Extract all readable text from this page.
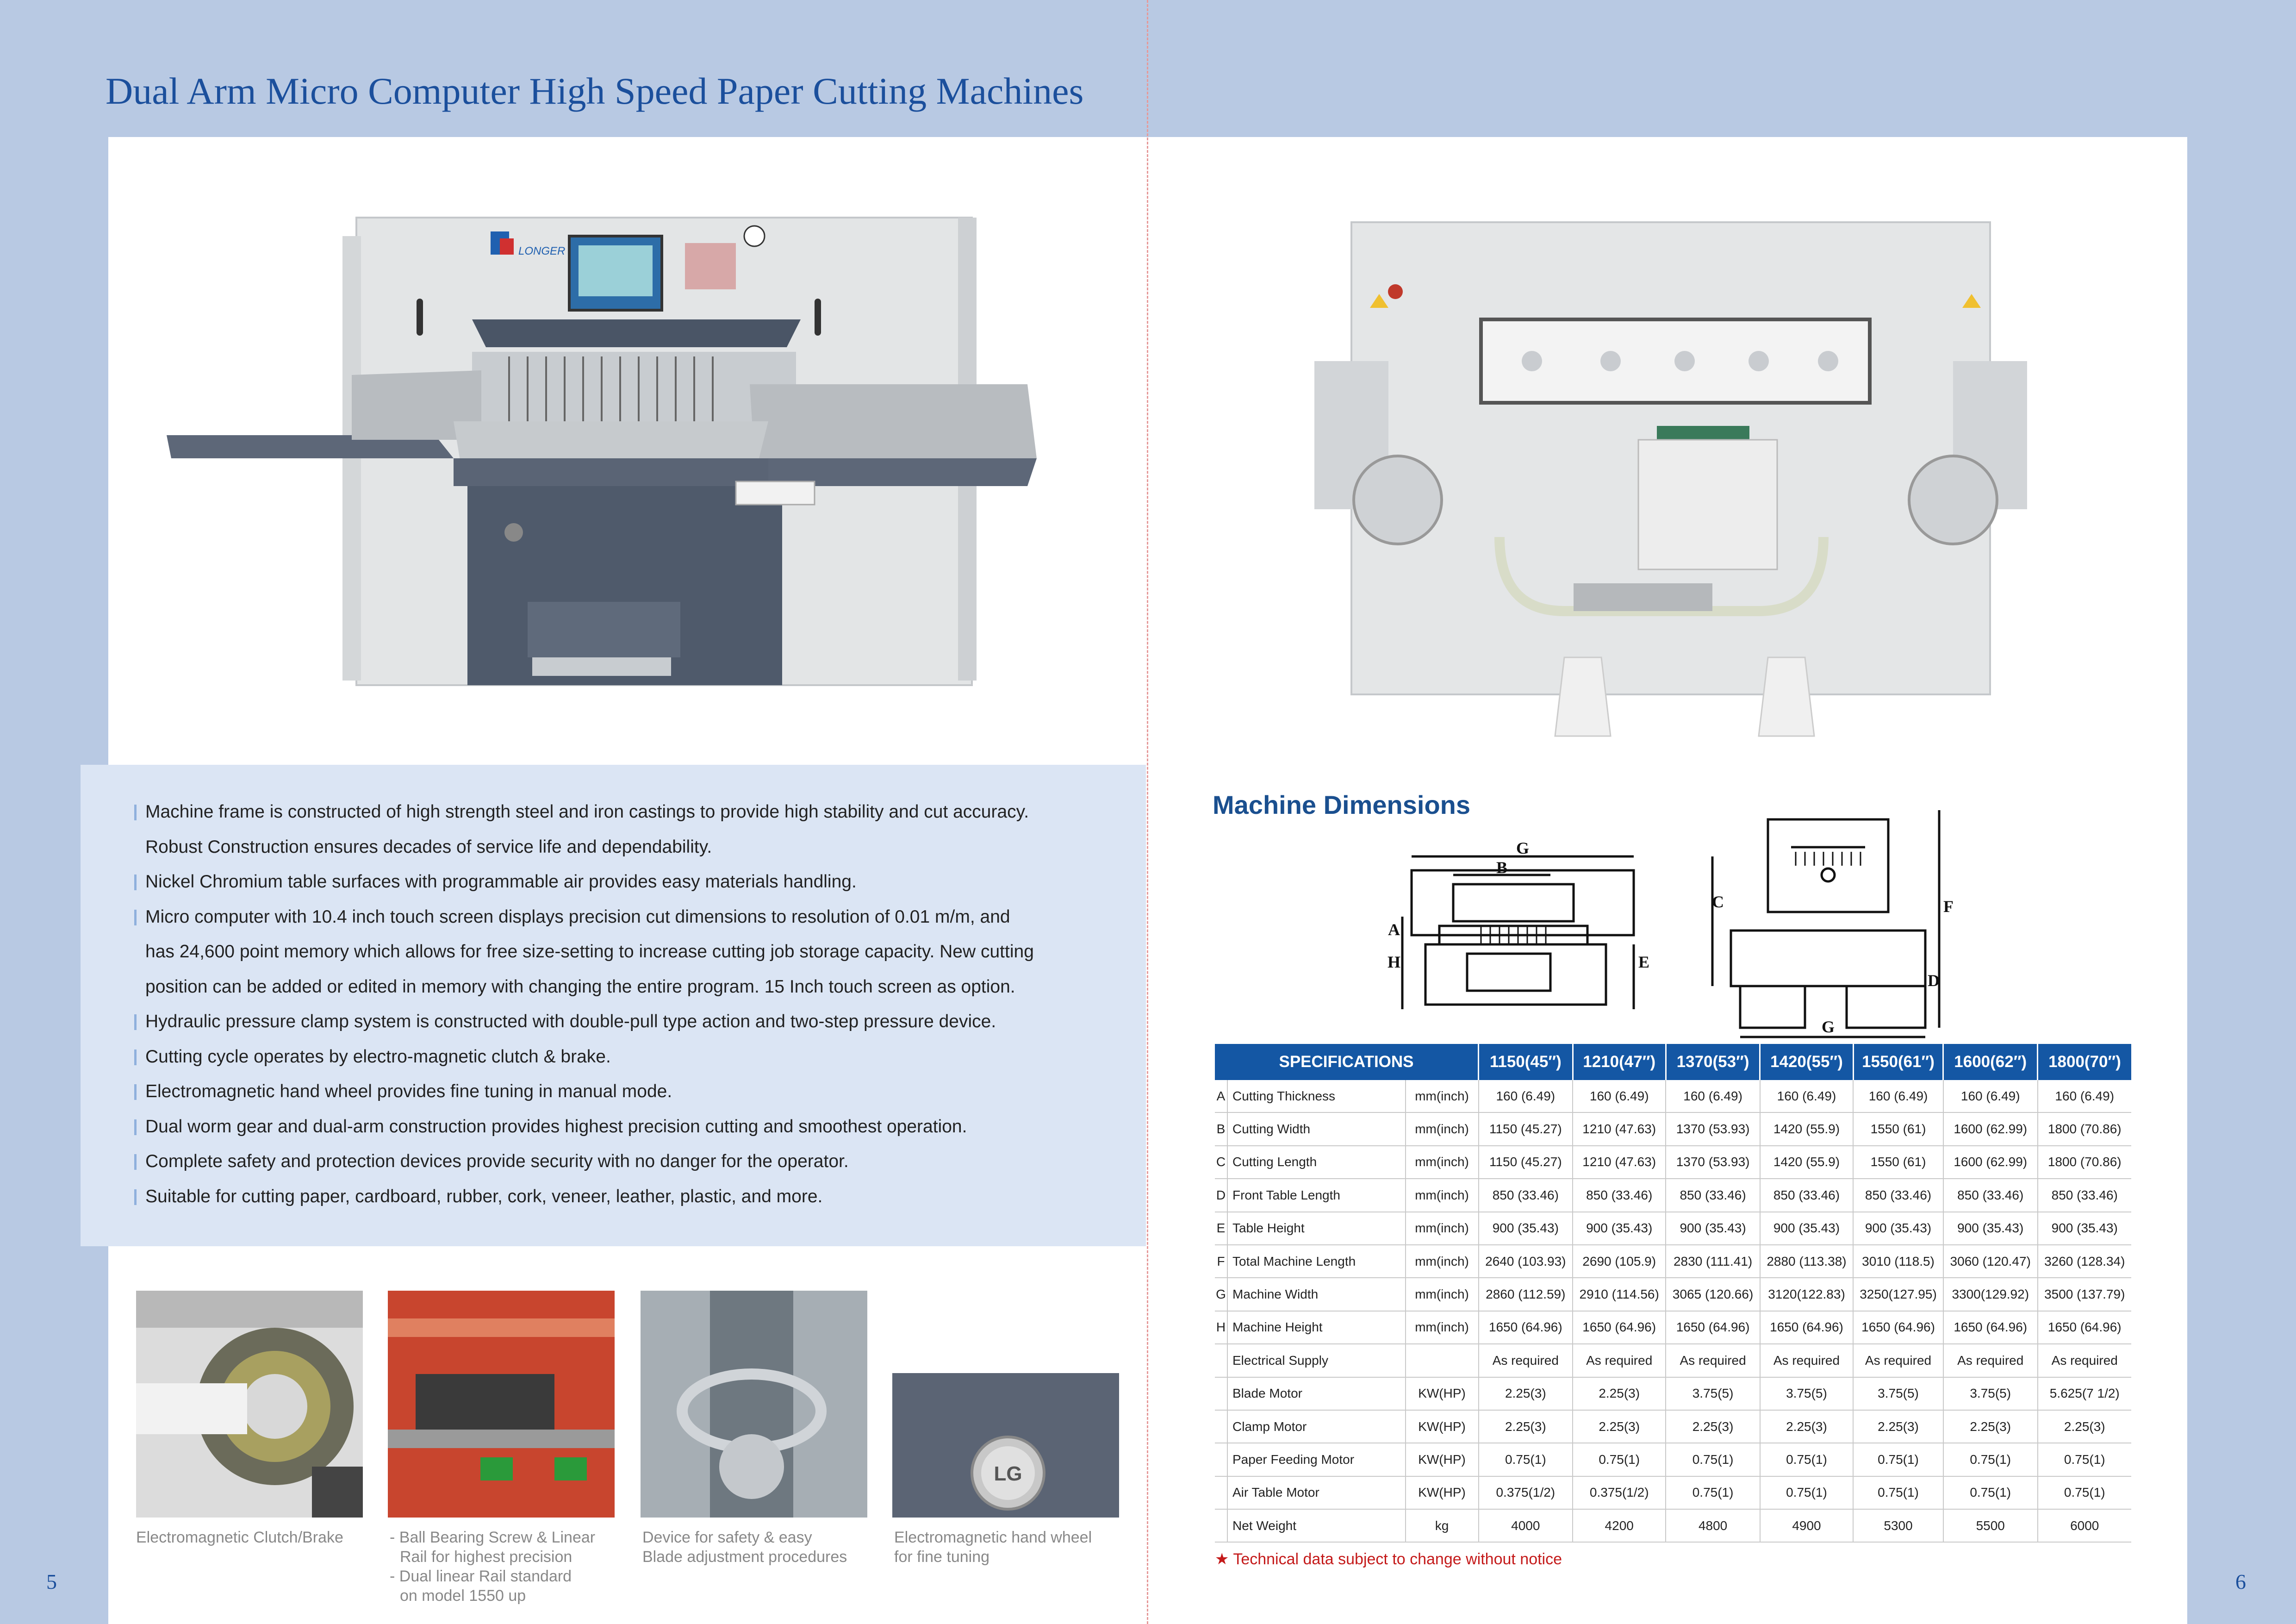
Dual Arm Micro Computer High Speed Paper Cutting Machines
LONGER
Machine frame is constructed of high strength steel and iron castings to provide high stability and cut accuracy.
Robust Construction ensures decades of service life and dependability.
Nickel Chromium table surfaces with programmable air provides easy materials handling.
Micro computer with 10.4 inch touch screen displays precision cut dimensions to resolution of 0.01 m/m, and
has 24,600 point memory which allows for free size-setting to increase cutting job storage capacity. New cutting
position can be added or edited in memory with changing the entire program. 15 Inch touch screen as option.
Hydraulic pressure clamp system is constructed with double-pull type action and two-step pressure device.
Cutting cycle operates by electro-magnetic clutch & brake.
Electromagnetic hand wheel provides fine tuning in manual mode.
Dual worm gear and dual-arm construction provides highest precision cutting and smoothest operation.
Complete safety and protection devices provide security with no danger for the operator.
Suitable for cutting paper, cardboard, rubber, cork, veneer, leather, plastic, and more.
LG
Electromagnetic Clutch/Brake	- Ball Bearing Screw & Linear
Rail for highest precision
- Dual linear Rail standard
on model 1550 up
Device for safety & easy
Blade adjustment procedures
Electromagnetic hand wheel
for fine tuning
5	6
Machine Dimensions
G
B
A
H	E
C	F
D
G
SPECIFICATIONS			1150(45″)	1210(47″)	1370(53″)	1420(55″)	1550(61″)	1600(62″)	1800(70″)
A	Cutting Thickness	mm(inch)	160 (6.49)	160 (6.49)	160 (6.49)	160 (6.49)	160 (6.49)	160 (6.49)	160 (6.49)
B	Cutting Width	mm(inch)	1150 (45.27)	1210 (47.63)	1370 (53.93)	1420 (55.9)	1550 (61)	1600 (62.99)	1800 (70.86)
C	Cutting Length	mm(inch)	1150 (45.27)	1210 (47.63)	1370 (53.93)	1420 (55.9)	1550 (61)	1600 (62.99)	1800 (70.86)
D	Front Table Length	mm(inch)	850 (33.46)	850 (33.46)	850 (33.46)	850 (33.46)	850 (33.46)	850 (33.46)	850 (33.46)
E	Table Height	mm(inch)	900 (35.43)	900 (35.43)	900 (35.43)	900 (35.43)	900 (35.43)	900 (35.43)	900 (35.43)
F	Total Machine Length	mm(inch)	2640 (103.93)	2690 (105.9)	2830 (111.41)	2880 (113.38)	3010 (118.5)	3060 (120.47)	3260 (128.34)
G	Machine Width	mm(inch)	2860 (112.59)	2910 (114.56)	3065 (120.66)	3120(122.83)	3250(127.95)	3300(129.92)	3500 (137.79)
H	Machine Height	mm(inch)	1650 (64.96)	1650 (64.96)	1650 (64.96)	1650 (64.96)	1650 (64.96)	1650 (64.96)	1650 (64.96)
	Electrical Supply		As required	As required	As required	As required	As required	As required	As required
	Blade Motor	KW(HP)	2.25(3)	2.25(3)	3.75(5)	3.75(5)	3.75(5)	3.75(5)	5.625(7 1/2)
	Clamp Motor	KW(HP)	2.25(3)	2.25(3)	2.25(3)	2.25(3)	2.25(3)	2.25(3)	2.25(3)
	Paper Feeding Motor	KW(HP)	0.75(1)	0.75(1)	0.75(1)	0.75(1)	0.75(1)	0.75(1)	0.75(1)
	Air Table Motor	KW(HP)	0.375(1/2)	0.375(1/2)	0.75(1)	0.75(1)	0.75(1)	0.75(1)	0.75(1)
	Net Weight	kg	4000	4200	4800	4900	5300	5500	6000
★ Technical data subject to change without notice
